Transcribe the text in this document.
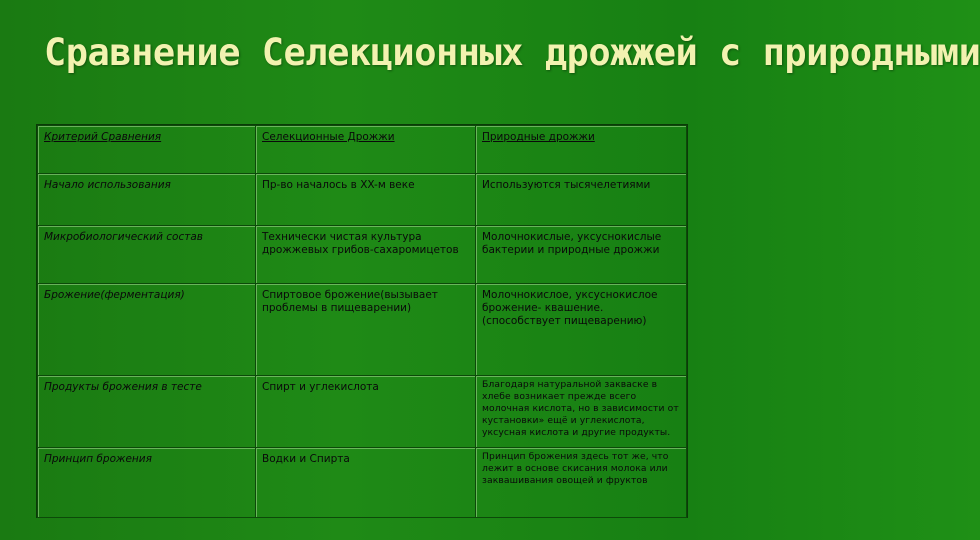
Сравнение Селекционных дрожжей с природными
Критерий Сравнения	Селекционные Дрожжи	Природные дрожжи
Начало использования	Пр-во началось в XX-м веке	Используются тысячелетиями
Микробиологический состав	Технически чистая культура дрожжевых грибов-сахаромицетов	Молочнокислые, уксуснокислые бактерии и природные дрожжи
Брожение(ферментация)	Спиртовое брожение(вызывает проблемы в пищеварении)	Молочнокислое, уксуснокислое брожение- квашение.(способствует пищеварению)
Продукты брожения в тесте	Спирт и углекислота	Благодаря натуральной закваске в хлебе возникает прежде всего молочная кислота, но в зависимости от кустановки» ещё и углекислота, уксусная кислота и другие продукты.
Принцип брожения	Водки и Спирта	Принцип брожения здесь тот же, что лежит в основе скисания молока или заквашивания овощей и фруктов
